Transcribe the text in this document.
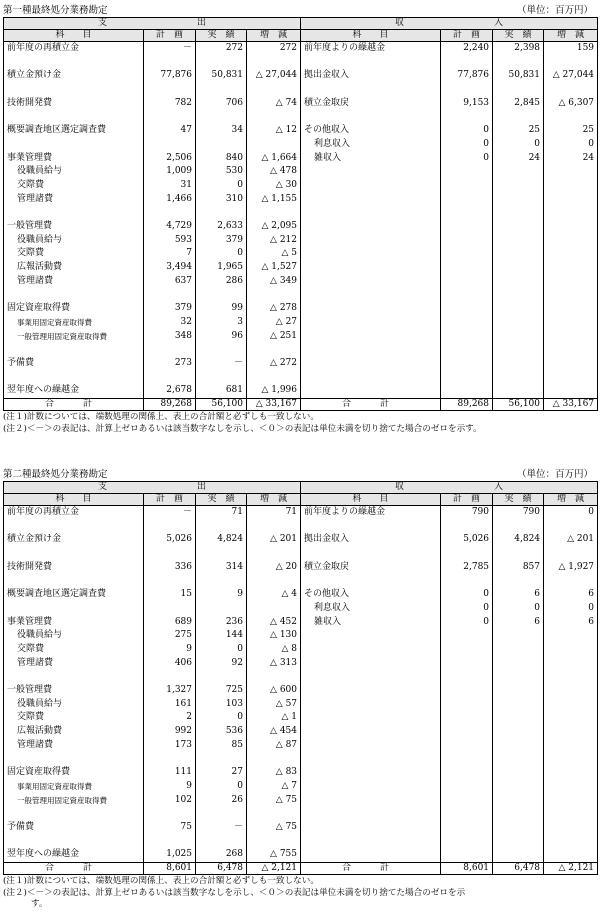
第一種最終処分業務勘定	（単位：百万円）
支　　　　　　　　　　出				収　　　　　　　　　　入			
科　　目	計　画	実　績	増　減	科　　目	計　画	実　績	増　減
前年度の再積立金	－	272	272	前年度よりの繰越金	2,240	2,398	159

積立金預け金	77,876	50,831	△ 27,044	拠出金収入	77,876	50,831	△ 27,044

技術開発費	782	706	△ 74	積立金取戻	9,153	2,845	△ 6,307

概要調査地区選定調査費	47	34	△ 12	その他収入	0	25	25
				利息収入	0	0	0
事業管理費	2,506	840	△ 1,664	雑収入	0	24	24
役職員給与	1,009	530	△ 478				
交際費	31	0	△ 30				
管理諸費	1,466	310	△ 1,155				

一般管理費	4,729	2,633	△ 2,095				
役職員給与	593	379	△ 212				
交際費	7	0	△ 5				
広報活動費	3,494	1,965	△ 1,527				
管理諸費	637	286	△ 349				

固定資産取得費	379	99	△ 278				
事業用固定資産取得費	32	3	△ 27				
一般管理用固定資産取得費	348	96	△ 251				

予備費	273	－	△ 272				

翌年度への繰越金	2,678	681	△ 1,996				
合　計	89,268	56,100	△ 33,167	合　計	89,268	56,100	△ 33,167
(注１)計数については、端数処理の関係上、表上の合計額と必ずしも一致しない。
(注２)＜－＞の表記は、計算上ゼロあるいは該当数字なしを示し、＜０＞の表記は単位未満を切り捨てた場合のゼロを示す。
第二種最終処分業務勘定	（単位：百万円）
支　　　　　　　　　　出				収　　　　　　　　　　入			
科　　目	計　画	実　績	増　減	科　　目	計　画	実　績	増　減
前年度の再積立金	－	71	71	前年度よりの繰越金	790	790	0

積立金預け金	5,026	4,824	△ 201	拠出金収入	5,026	4,824	△ 201

技術開発費	336	314	△ 20	積立金取戻	2,785	857	△ 1,927

概要調査地区選定調査費	15	9	△ 4	その他収入	0	6	6
				利息収入	0	0	0
事業管理費	689	236	△ 452	雑収入	0	6	6
役職員給与	275	144	△ 130				
交際費	9	0	△ 8				
管理諸費	406	92	△ 313				

一般管理費	1,327	725	△ 600				
役職員給与	161	103	△ 57				
交際費	2	0	△ 1				
広報活動費	992	536	△ 454				
管理諸費	173	85	△ 87				

固定資産取得費	111	27	△ 83				
事業用固定資産取得費	9	0	△ 7				
一般管理用固定資産取得費	102	26	△ 75				

予備費	75	－	△ 75				

翌年度への繰越金	1,025	268	△ 755				
合　計	8,601	6,478	△ 2,121	合　計	8,601	6,478	△ 2,121
(注１)計数については、端数処理の関係上、表上の合計額と必ずしも一致しない。
(注２)＜－＞の表記は、計算上ゼロあるいは該当数字なしを示し、＜０＞の表記は単位未満を切り捨てた場合のゼロを示
す。
